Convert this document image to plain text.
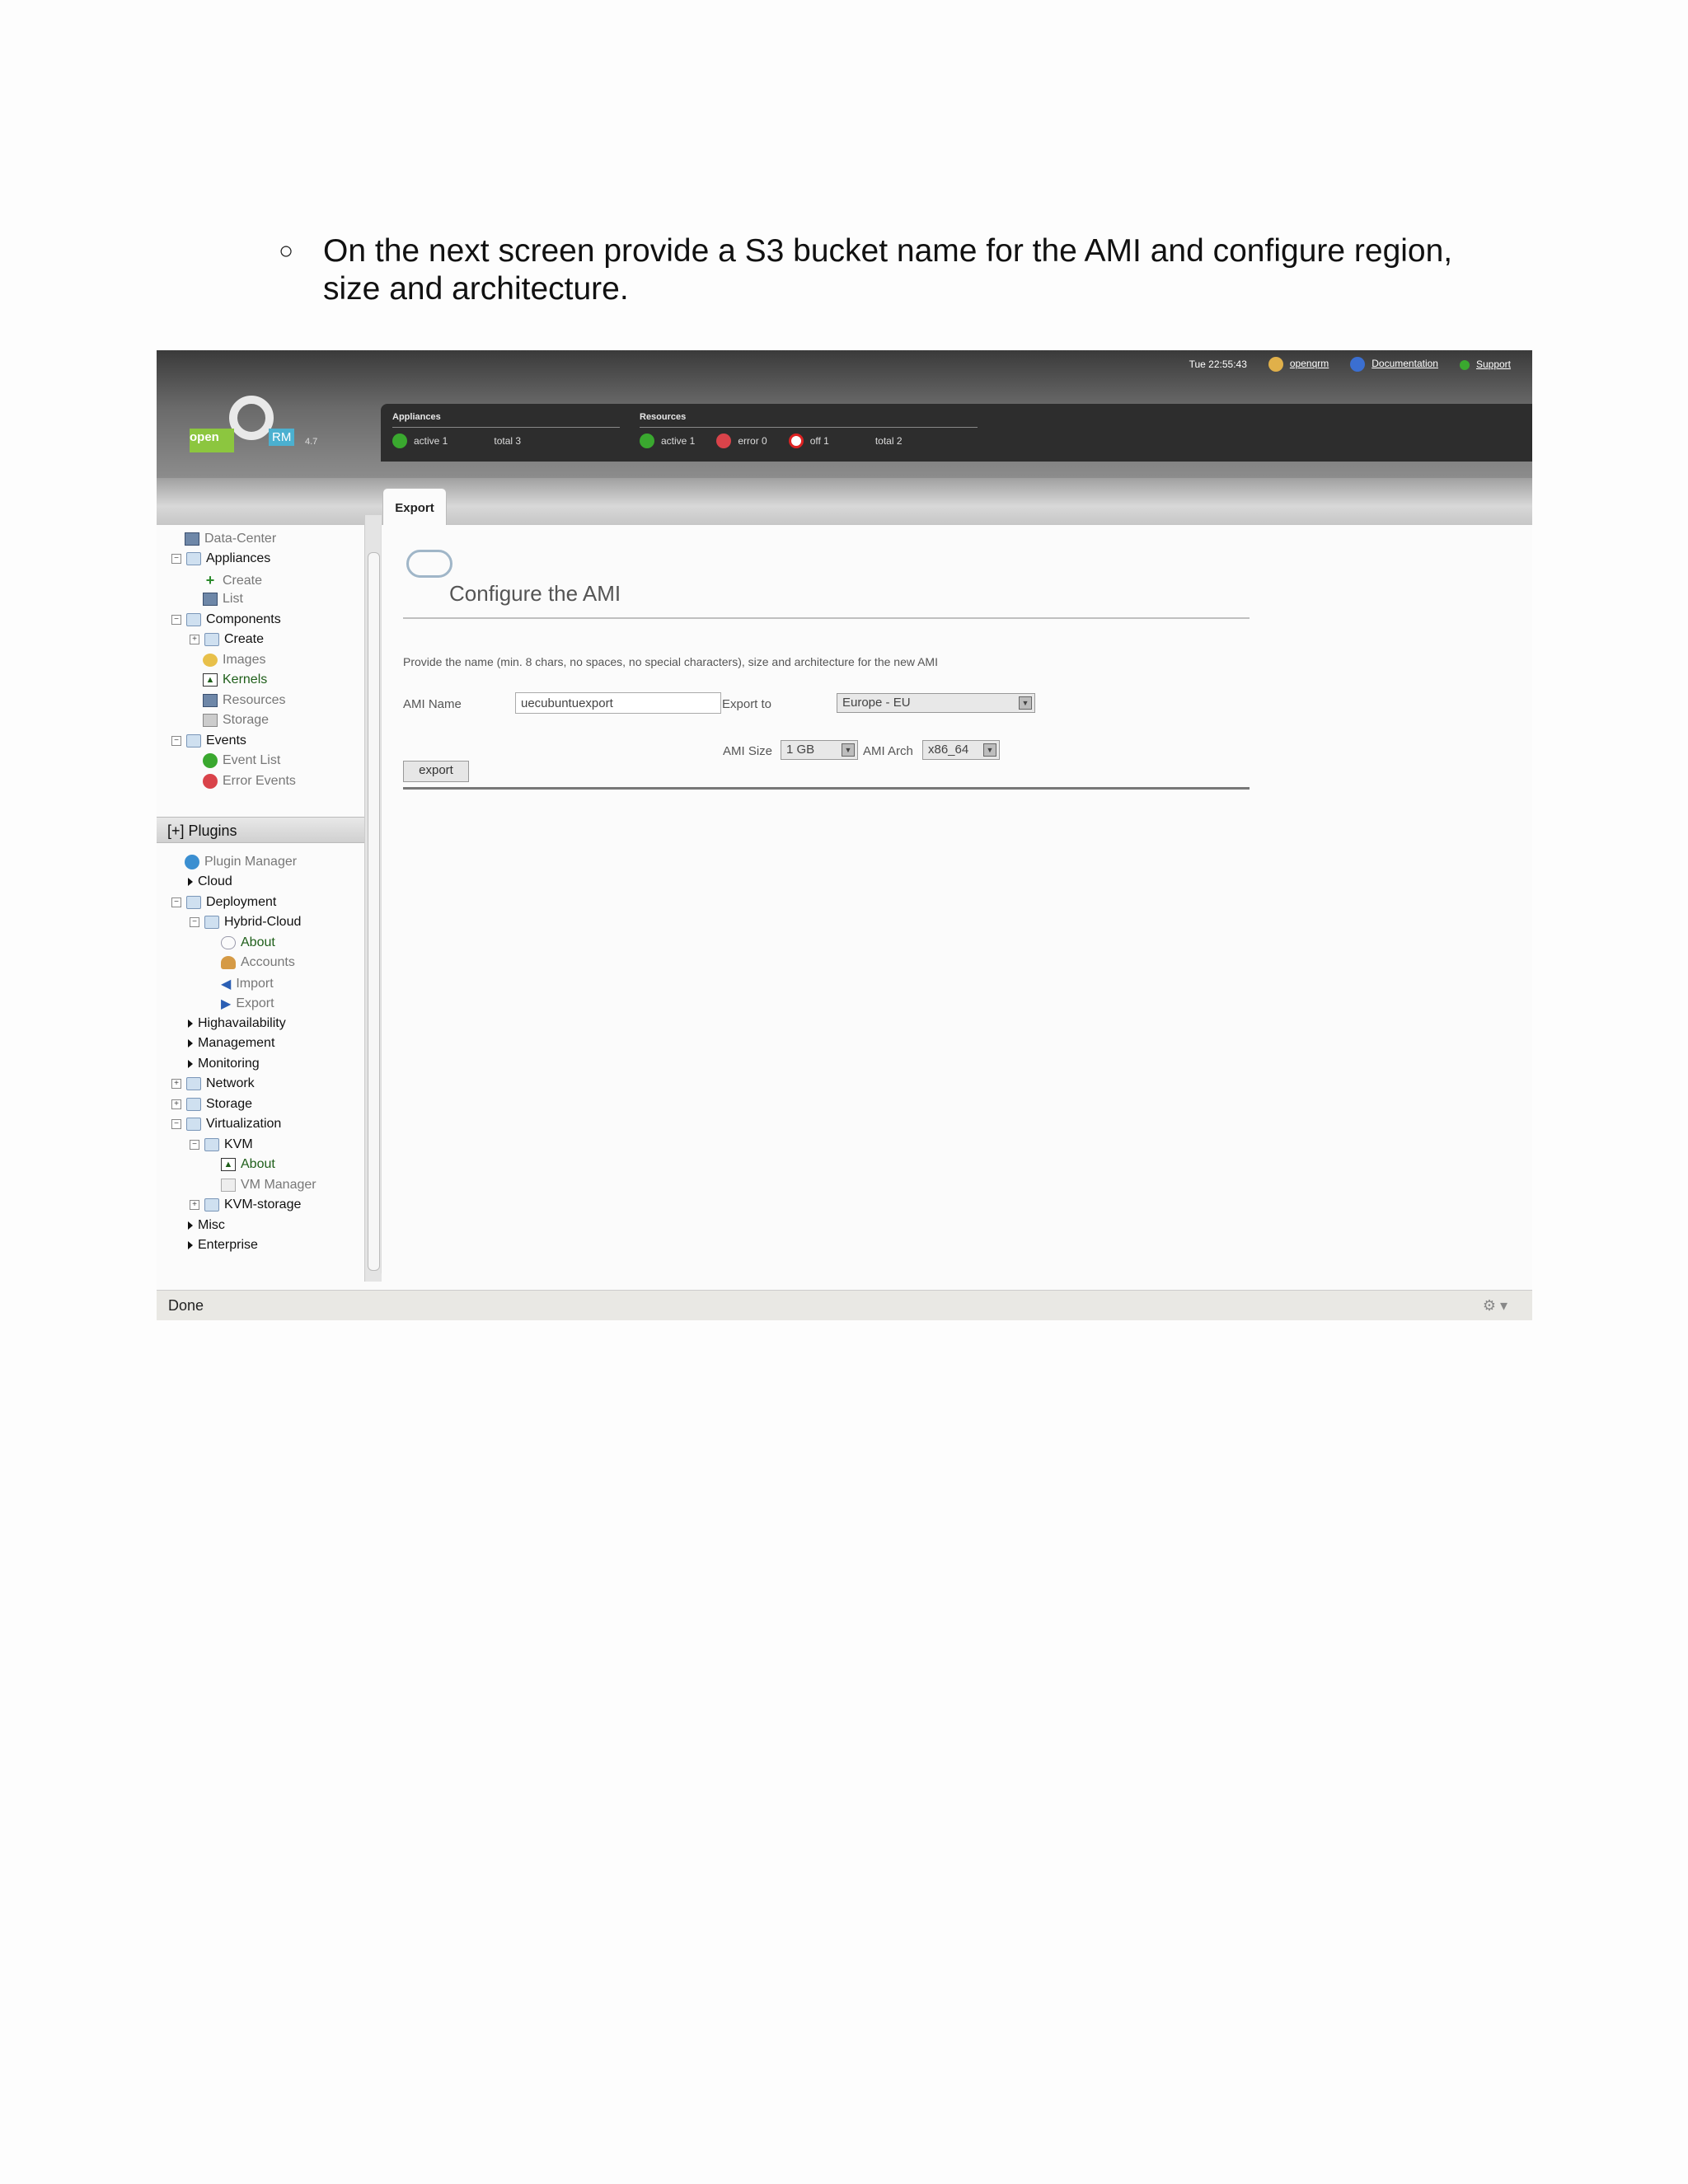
○ On the next screen provide a S3 bucket name for the AMI and configure region, size and architecture.
Tue 22:55:43	openqrm	Documentation	Support
open	RM	4.7
Appliances
active 1	total 3
Resources
active 1	error 0	off 1	total 2
Export
Data-Center
− Appliances
+ Create
List
− Components
+ Create
Images
▲ Kernels
Resources
Storage
− Events
Event List
Error Events
[+] Plugins
Plugin Manager
Cloud
− Deployment
− Hybrid-Cloud
About
Accounts
◀ Import
▶ Export
Highavailability
Management
Monitoring
+ Network
+ Storage
− Virtualization
− KVM
▲ About
VM Manager
+ KVM-storage
Misc
Enterprise
Configure the AMI
Provide the name (min. 8 chars, no spaces, no special characters), size and architecture for the new AMI
AMI Name
uecubuntuexport	Export to	Europe - EU	▼
AMI Size	1 GB	▼ AMI Arch	x86_64	▼
export
Done	⚙ ▾
